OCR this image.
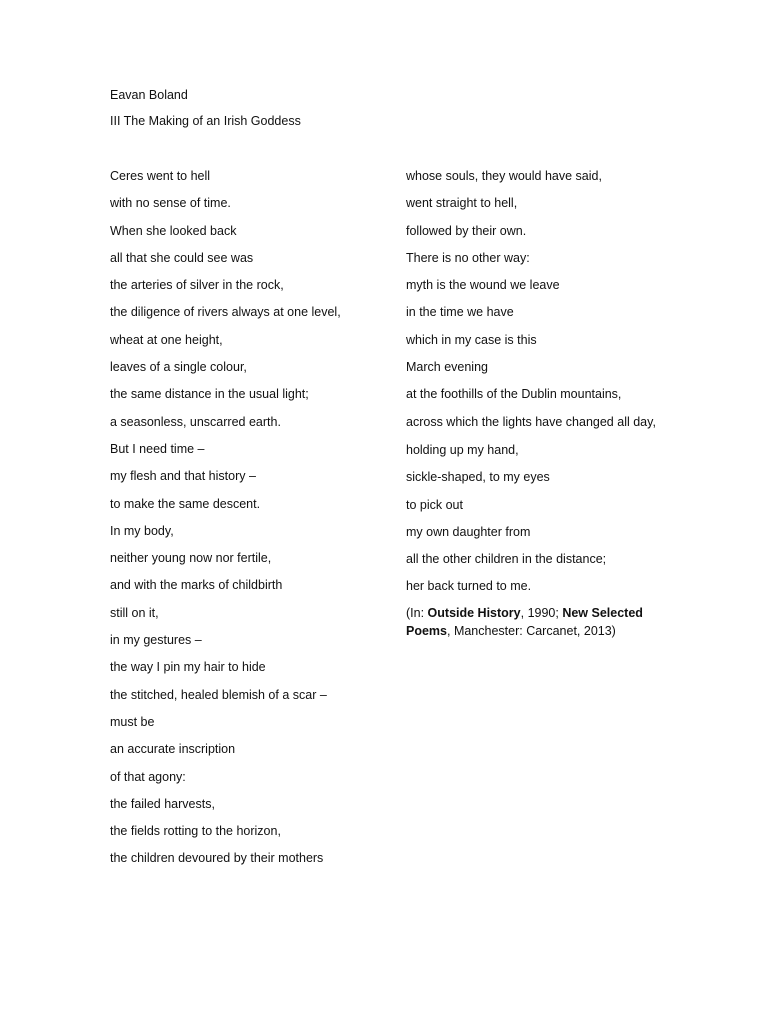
Eavan Boland
III The Making of an Irish Goddess
Ceres went to hell
with no sense of time.
When she looked back
all that she could see was
the arteries of silver in the rock,
the diligence of rivers always at one level,
wheat at one height,
leaves of a single colour,
the same distance in the usual light;
a seasonless, unscarred earth.
But I need time –
my flesh and that history –
to make the same descent.
In my body,
neither young now nor fertile,
and with the marks of childbirth
still on it,
in my gestures –
the way I pin my hair to hide
the stitched, healed blemish of a scar –
must be
an accurate inscription
of that agony:
the failed harvests,
the fields rotting to the horizon,
the children devoured by their mothers
whose souls, they would have said,
went straight to hell,
followed by their own.
There is no other way:
myth is the wound we leave
in the time we have
which in my case is this
March evening
at the foothills of the Dublin mountains,
across which the lights have changed all day,
holding up my hand,
sickle-shaped, to my eyes
to pick out
my own daughter from
all the other children in the distance;
her back turned to me.
(In: Outside History, 1990; New Selected Poems, Manchester: Carcanet, 2013)
